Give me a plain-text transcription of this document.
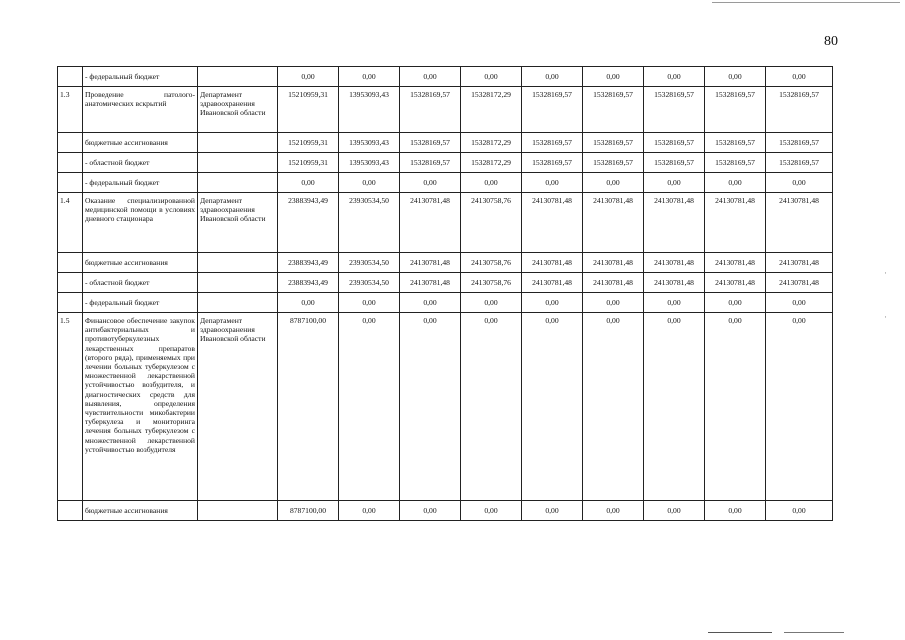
80
	- федеральный бюджет		0,00	0,00	0,00	0,00	0,00	0,00	0,00	0,00	0,00
1.3	Проведение патолого-анатомических вскрытий	Департамент здравоохранения Ивановской области	15210959,31	13953093,43	15328169,57	15328172,29	15328169,57	15328169,57	15328169,57	15328169,57	15328169,57
	бюджетные ассигнования		15210959,31	13953093,43	15328169,57	15328172,29	15328169,57	15328169,57	15328169,57	15328169,57	15328169,57
	- областной бюджет		15210959,31	13953093,43	15328169,57	15328172,29	15328169,57	15328169,57	15328169,57	15328169,57	15328169,57
	- федеральный бюджет		0,00	0,00	0,00	0,00	0,00	0,00	0,00	0,00	0,00
1.4	Оказание специализированной медицинской помощи в условиях дневного стационара	Департамент здравоохранения Ивановской области	23883943,49	23930534,50	24130781,48	24130758,76	24130781,48	24130781,48	24130781,48	24130781,48	24130781,48
	бюджетные ассигнования		23883943,49	23930534,50	24130781,48	24130758,76	24130781,48	24130781,48	24130781,48	24130781,48	24130781,48
	- областной бюджет		23883943,49	23930534,50	24130781,48	24130758,76	24130781,48	24130781,48	24130781,48	24130781,48	24130781,48
	- федеральный бюджет		0,00	0,00	0,00	0,00	0,00	0,00	0,00	0,00	0,00
1.5	Финансовое обеспечение закупок антибактериальных и противотуберкулезных лекарственных препаратов (второго ряда), применяемых при лечении больных туберкулезом с множественной лекарственной устойчивостью возбудителя, и диагностических средств для выявления, определения чувствительности микобактерии туберкулеза и мониторинга лечения больных туберкулезом с множественной лекарственной устойчивостью возбудителя	Департамент здравоохранения Ивановской области	8787100,00	0,00	0,00	0,00	0,00	0,00	0,00	0,00	0,00
	бюджетные ассигнования		8787100,00	0,00	0,00	0,00	0,00	0,00	0,00	0,00	0,00
·
·
